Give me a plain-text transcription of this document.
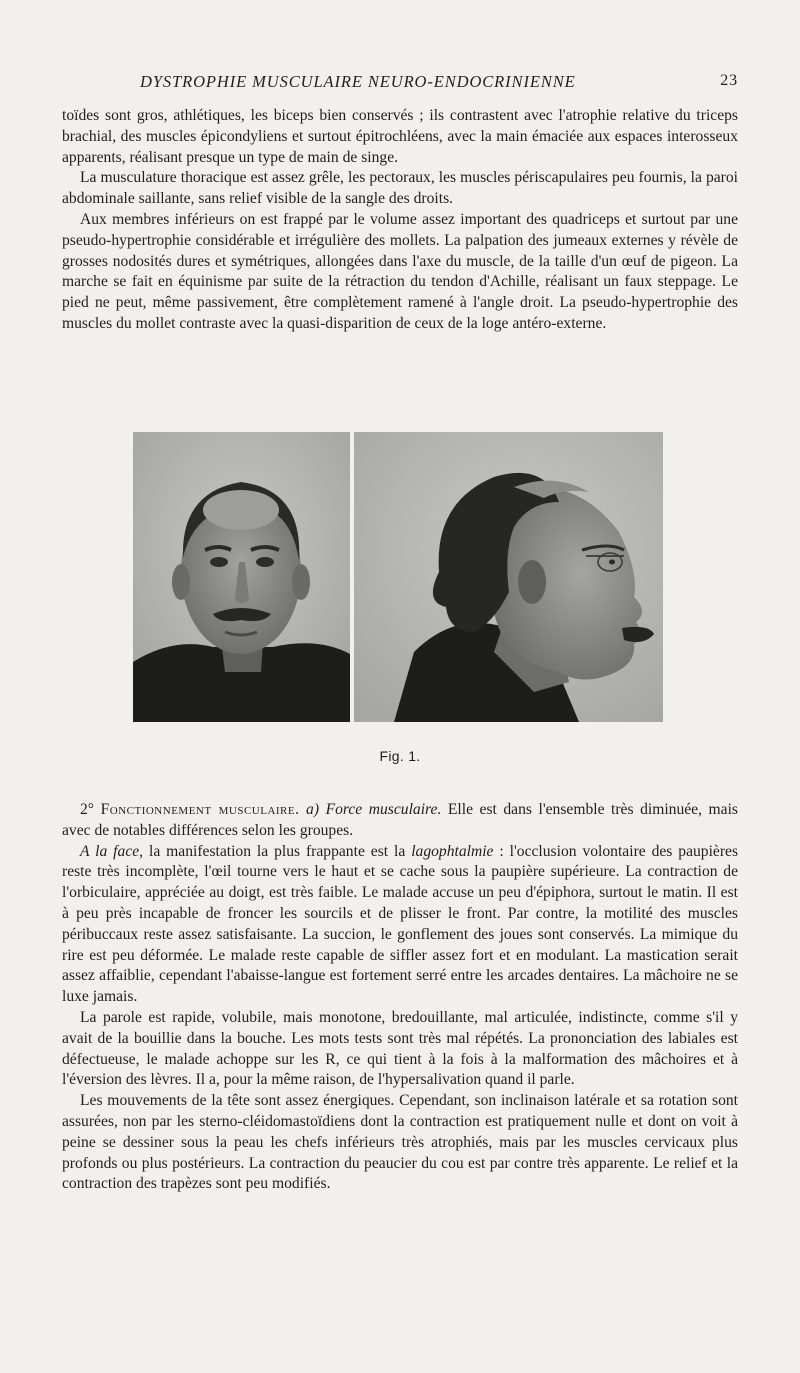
DYSTROPHIE MUSCULAIRE NEURO-ENDOCRINIENNE	23

toïdes sont gros, athlétiques, les biceps bien conservés ; ils contrastent avec l'atrophie relative du triceps brachial, des muscles épicondyliens et surtout épitrochléens, avec la main émaciée aux espaces interosseux apparents, réalisant presque un type de main de singe.

La musculature thoracique est assez grêle, les pectoraux, les muscles périscapulaires peu fournis, la paroi abdominale saillante, sans relief visible de la sangle des droits.

Aux membres inférieurs on est frappé par le volume assez important des quadriceps et surtout par une pseudo-hypertrophie considérable et irrégulière des mollets. La palpation des jumeaux externes y révèle de grosses nodosités dures et symétriques, allongées dans l'axe du muscle, de la taille d'un œuf de pigeon. La marche se fait en équinisme par suite de la rétraction du tendon d'Achille, réalisant un faux steppage. Le pied ne peut, même passivement, être complètement ramené à l'angle droit. La pseudo-hypertrophie des muscles du mollet contraste avec la quasi-disparition de ceux de la loge antéro-externe.

Fig. 1.

2° Fonctionnement musculaire. a) Force musculaire. Elle est dans l'ensemble très diminuée, mais avec de notables différences selon les groupes.

A la face, la manifestation la plus frappante est la lagophtalmie : l'occlusion volontaire des paupières reste très incomplète, l'œil tourne vers le haut et se cache sous la paupière supérieure. La contraction de l'orbiculaire, appréciée au doigt, est très faible. Le malade accuse un peu d'épiphora, surtout le matin. Il est à peu près incapable de froncer les sourcils et de plisser le front. Par contre, la motilité des muscles péribuccaux reste assez satisfaisante. La succion, le gonflement des joues sont conservés. La mimique du rire est peu déformée. Le malade reste capable de siffler assez fort et en modulant. La mastication serait assez affaiblie, cependant l'abaisse-langue est fortement serré entre les arcades dentaires. La mâchoire ne se luxe jamais.

La parole est rapide, volubile, mais monotone, bredouillante, mal articulée, indistincte, comme s'il y avait de la bouillie dans la bouche. Les mots tests sont très mal répétés. La prononciation des labiales est défectueuse, le malade achoppe sur les R, ce qui tient à la fois à la malformation des mâchoires et à l'éversion des lèvres. Il a, pour la même raison, de l'hypersalivation quand il parle.

Les mouvements de la tête sont assez énergiques. Cependant, son inclinaison latérale et sa rotation sont assurées, non par les sterno-cléidomastoïdiens dont la contraction est pratiquement nulle et dont on voit à peine se dessiner sous la peau les chefs inférieurs très atrophiés, mais par les muscles cervicaux plus profonds ou plus postérieurs. La contraction du peaucier du cou est par contre très apparente. Le relief et la contraction des trapèzes sont peu modifiés.
